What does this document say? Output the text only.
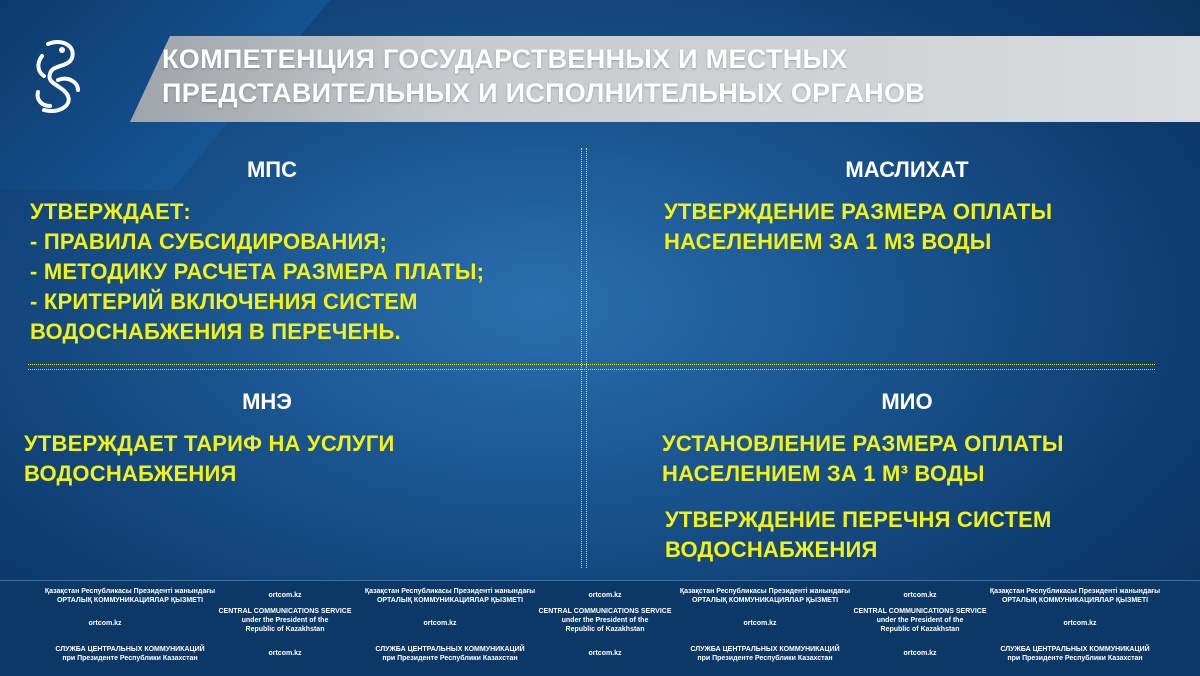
КОМПЕТЕНЦИЯ ГОСУДАРСТВЕННЫХ И МЕСТНЫХ
ПРЕДСТАВИТЕЛЬНЫХ И ИСПОЛНИТЕЛЬНЫХ ОРГАНОВ
МПС
УТВЕРЖДАЕТ:
- ПРАВИЛА СУБСИДИРОВАНИЯ;
- МЕТОДИКУ РАСЧЕТА РАЗМЕРА ПЛАТЫ;
- КРИТЕРИЙ ВКЛЮЧЕНИЯ СИСТЕМ
ВОДОСНАБЖЕНИЯ В ПЕРЕЧЕНЬ.
МАСЛИХАТ
УТВЕРЖДЕНИЕ РАЗМЕРА ОПЛАТЫ
НАСЕЛЕНИЕМ ЗА 1 М3 ВОДЫ
МНЭ
УТВЕРЖДАЕТ ТАРИФ НА УСЛУГИ
ВОДОСНАБЖЕНИЯ
МИО
УСТАНОВЛЕНИЕ РАЗМЕРА ОПЛАТЫ
НАСЕЛЕНИЕМ ЗА 1 М³ ВОДЫ
УТВЕРЖДЕНИЕ ПЕРЕЧНЯ СИСТЕМ
ВОДОСНАБЖЕНИЯ
Қазақстан Республикасы Президенті жанындағы
ОРТАЛЫҚ КОММУНИКАЦИЯЛАР ҚЫЗМЕТІ
ortcom.kz
Қазақстан Республикасы Президенті жанындағы
ОРТАЛЫҚ КОММУНИКАЦИЯЛАР ҚЫЗМЕТІ
ortcom.kz
Қазақстан Республикасы Президенті жанындағы
ОРТАЛЫҚ КОММУНИКАЦИЯЛАР ҚЫЗМЕТІ
ortcom.kz
Қазақстан Республикасы Президенті жанындағы
ОРТАЛЫҚ КОММУНИКАЦИЯЛАР ҚЫЗМЕТІ
ortcom.kz
CENTRAL COMMUNICATIONS SERVICE
under the President of the
Republic of Kazakhstan
ortcom.kz
CENTRAL COMMUNICATIONS SERVICE
under the President of the
Republic of Kazakhstan
ortcom.kz
CENTRAL COMMUNICATIONS SERVICE
under the President of the
Republic of Kazakhstan
ortcom.kz
СЛУЖБА ЦЕНТРАЛЬНЫХ КОММУНИКАЦИЙ
при Президенте Республики Казахстан
ortcom.kz
СЛУЖБА ЦЕНТРАЛЬНЫХ КОММУНИКАЦИЙ
при Президенте Республики Казахстан
ortcom.kz
СЛУЖБА ЦЕНТРАЛЬНЫХ КОММУНИКАЦИЙ
при Президенте Республики Казахстан
ortcom.kz
СЛУЖБА ЦЕНТРАЛЬНЫХ КОММУНИКАЦИЙ
при Президенте Республики Казахстан
